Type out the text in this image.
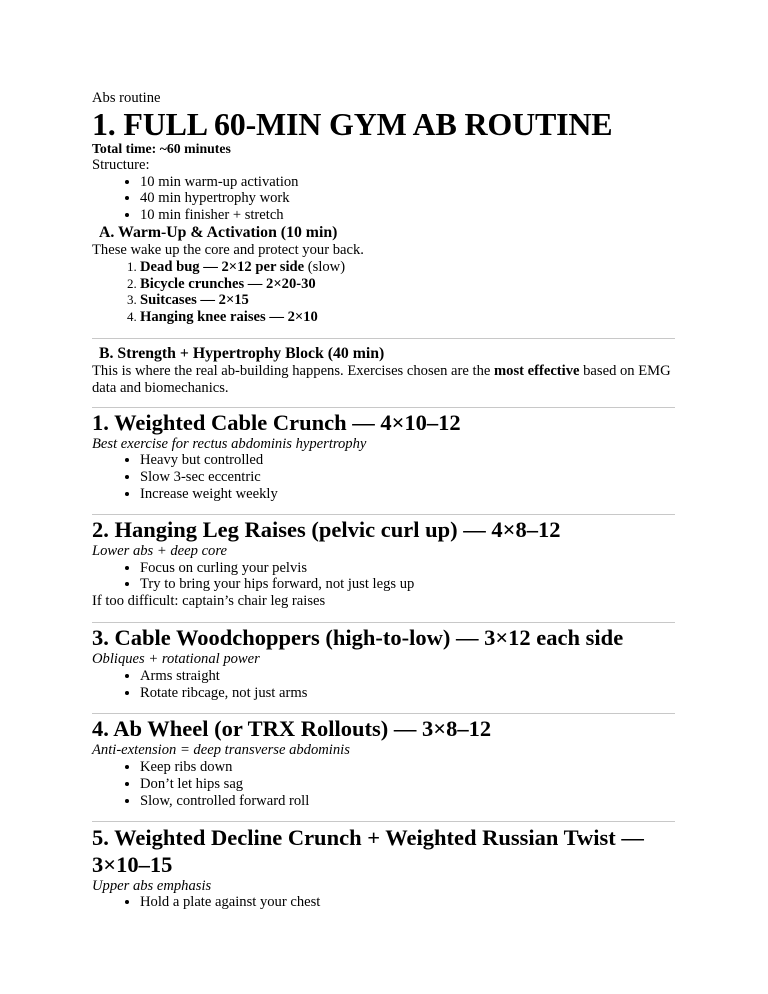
Abs routine

1. FULL 60-MIN GYM AB ROUTINE

Total time: ~60 minutes

Structure:

• 10 min warm-up activation
• 40 min hypertrophy work
• 10 min finisher + stretch
A. Warm-Up & Activation (10 min)

These wake up the core and protect your back.

1. Dead bug — 2×12 per side (slow)
2. Bicycle crunches — 2×20-30
3. Suitcases — 2×15
4. Hanging knee raises — 2×10
B. Strength + Hypertrophy Block (40 min)

This is where the real ab-building happens. Exercises chosen are the most effective based on EMG data and biomechanics.

1. Weighted Cable Crunch — 4×10–12

Best exercise for rectus abdominis hypertrophy

• Heavy but controlled
• Slow 3-sec eccentric
• Increase weight weekly
2. Hanging Leg Raises (pelvic curl up) — 4×8–12

Lower abs + deep core

• Focus on curling your pelvis
• Try to bring your hips forward, not just legs up

If too difficult: captain’s chair leg raises

3. Cable Woodchoppers (high-to-low) — 3×12 each side

Obliques + rotational power

• Arms straight
• Rotate ribcage, not just arms
4. Ab Wheel (or TRX Rollouts) — 3×8–12

Anti-extension = deep transverse abdominis

• Keep ribs down
• Don’t let hips sag
• Slow, controlled forward roll
5. Weighted Decline Crunch + Weighted Russian Twist — 3×10–15

Upper abs emphasis

• Hold a plate against your chest
